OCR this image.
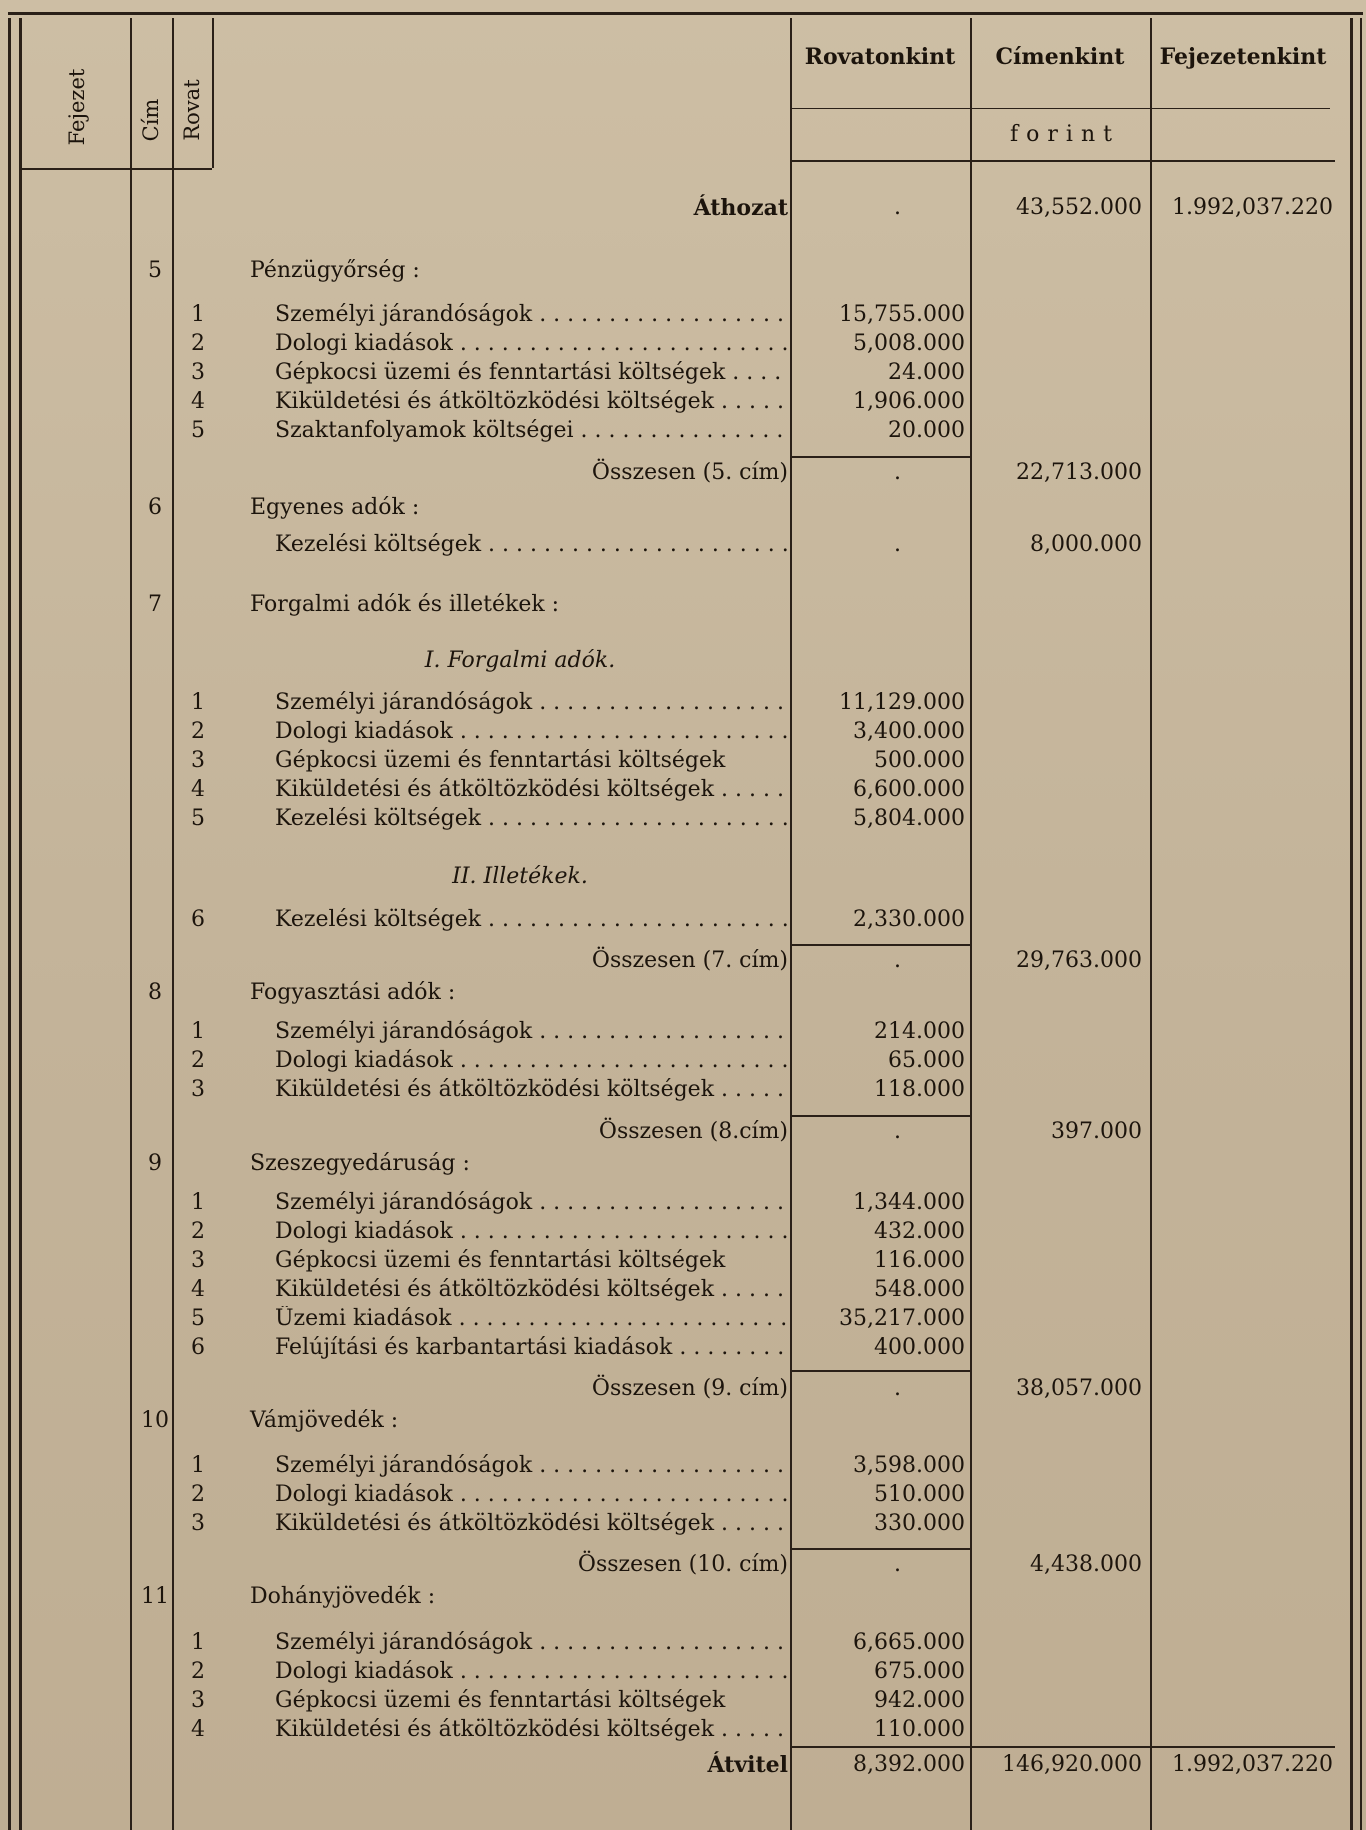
Fejezet Cím Rovat
Rovatonkint	Címenkint	Fejezetenkint
forint
Áthozat	.	43,552.000	1.992,037.220
5	Pénzügyőrség :
1	Személyi járandóságok . . .	15,755.000
2	Dologi kiadások . . .	5,008.000
3	Gépkocsi üzemi és fenntartási költségek . . .	24.000
4	Kiküldetési és átköltözködési költségek . . .	1,906.000
5	Szaktanfolyamok költségei . . .	20.000
Összesen (5. cím)	.	22,713.000
6	Egyenes adók :
Kezelési költségek . . .	.	8,000.000
7	Forgalmi adók és illetékek :
I. Forgalmi adók.
1	Személyi járandóságok . . .	11,129.000
2	Dologi kiadások . . .	3,400.000
3	Gépkocsi üzemi és fenntartási költségek	500.000
4	Kiküldetési és átköltözködési költségek . . .	6,600.000
5	Kezelési költségek . . .	5,804.000
II. Illetékek.
6	Kezelési költségek . . .	2,330.000
Összesen (7. cím)	.	29,763.000
8	Fogyasztási adók :
1	Személyi járandóságok . . .	214.000
2	Dologi kiadások . . .	65.000
3	Kiküldetési és átköltözködési költségek . . .	118.000
Összesen (8.cím)	.	397.000
9	Szeszegyedáruság :
1	Személyi járandóságok . . .	1,344.000
2	Dologi kiadások . . .	432.000
3	Gépkocsi üzemi és fenntartási költségek	116.000
4	Kiküldetési és átköltözködési költségek . . .	548.000
5	Üzemi kiadások . . .	35,217.000
6	Felújítási és karbantartási kiadások . . .	400.000
Összesen (9. cím)	.	38,057.000
10	Vámjövedék :
1	Személyi járandóságok . . .	3,598.000
2	Dologi kiadások . . .	510.000
3	Kiküldetési és átköltözködési költségek . . .	330.000
Összesen (10. cím)	.	4,438.000
11	Dohányjövedék :
1	Személyi járandóságok . . .	6,665.000
2	Dologi kiadások . . .	675.000
3	Gépkocsi üzemi és fenntartási költségek	942.000
4	Kiküldetési és átköltözködési költségek . . .	110.000
Átvitel	8,392.000	146,920.000	1.992,037.220
